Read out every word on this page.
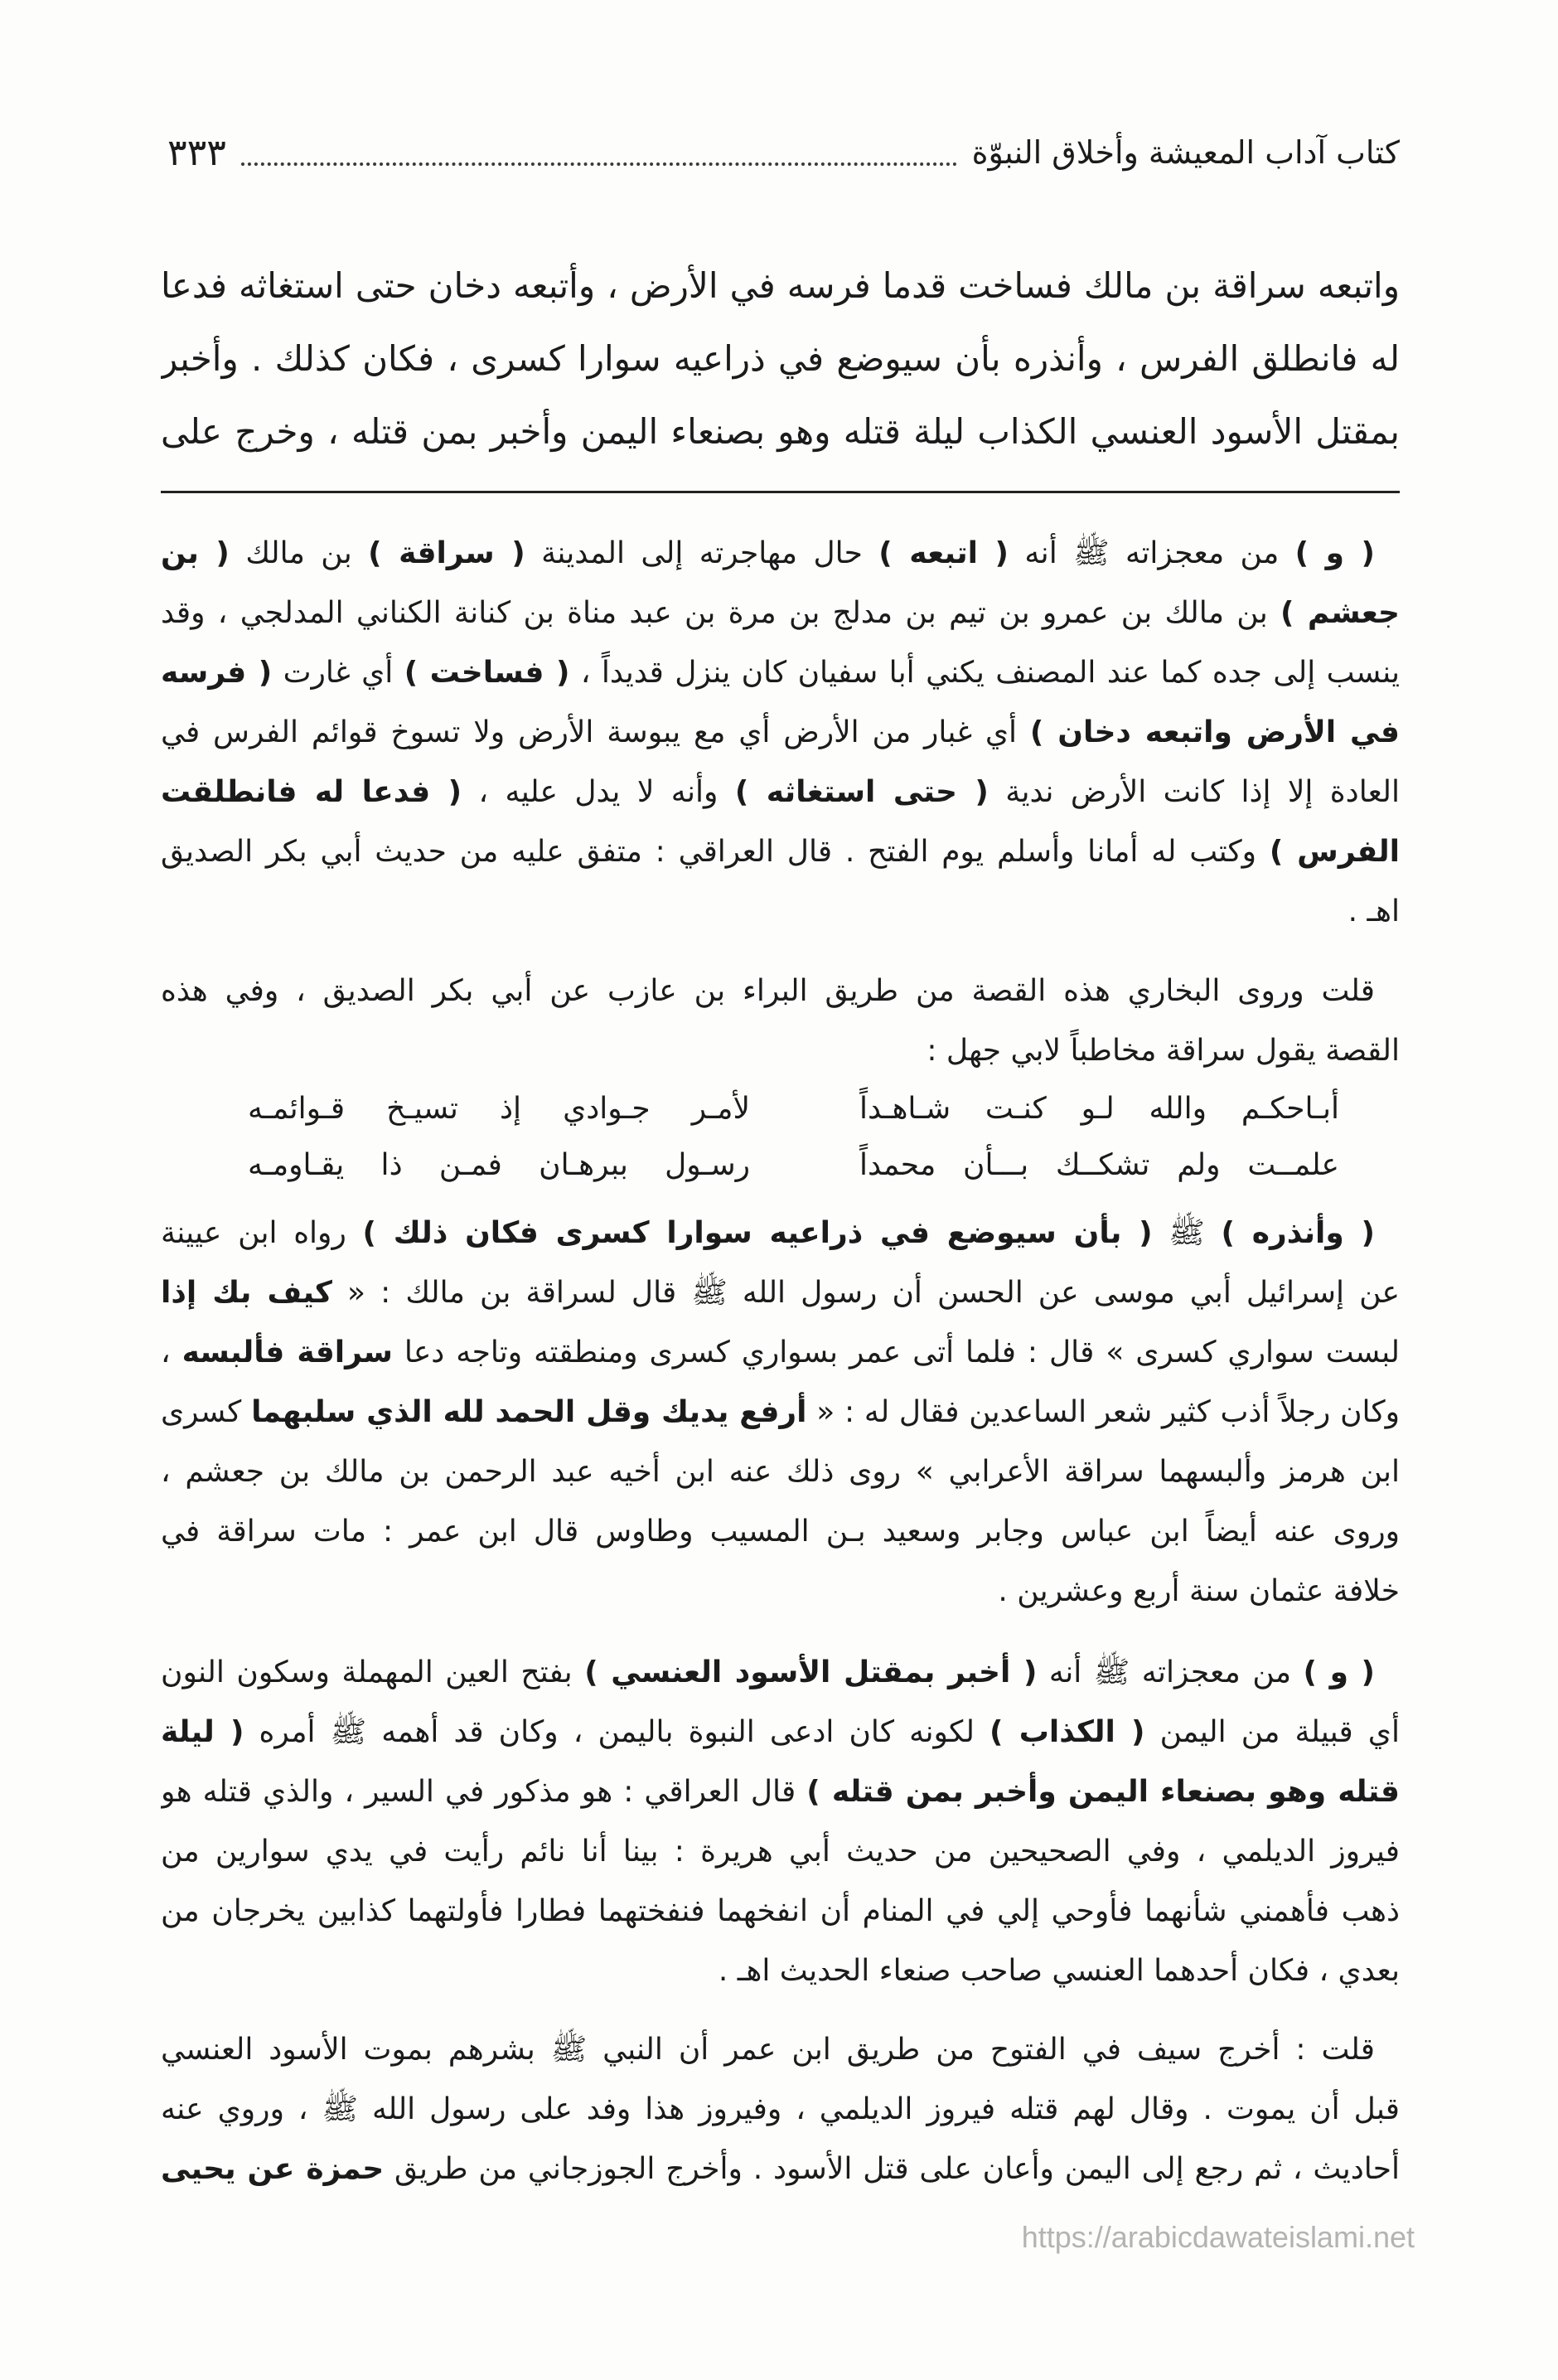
كتاب آداب المعيشة وأخلاق النبوّة
٣٣٣
واتبعه سراقة بن مالك فساخت قدما فرسه في الأرض ، وأتبعه دخان حتى استغاثه فدعا
له فانطلق الفرس ، وأنذره بأن سيوضع في ذراعيه سوارا كسرى ، فكان كذلك . وأخبر
بمقتل الأسود العنسي الكذاب ليلة قتله وهو بصنعاء اليمن وأخبر بمن قتله ، وخرج على
( و ) من معجزاته ﷺ أنه ( اتبعه ) حال مهاجرته إلى المدينة ( سراقة ) بن مالك ( بن
جعشم ) بن مالك بن عمرو بن تيم بن مدلج بن مرة بن عبد مناة بن كنانة الكناني المدلجي ، وقد
ينسب إلى جده كما عند المصنف يكني أبا سفيان كان ينزل قديداً ، ( فساخت ) أي غارت ( فرسه
في الأرض واتبعه دخان ) أي غبار من الأرض أي مع يبوسة الأرض ولا تسوخ قوائم الفرس في
العادة إلا إذا كانت الأرض ندية ( حتى استغاثه ) وأنه لا يدل عليه ، ( فدعا له فانطلقت
الفرس ) وكتب له أمانا وأسلم يوم الفتح . قال العراقي : متفق عليه من حديث أبي بكر الصديق
اهـ .
قلت وروى البخاري هذه القصة من طريق البراء بن عازب عن أبي بكر الصديق ، وفي هذه
القصة يقول سراقة مخاطباً لابي جهل :
أبـاحكـم والله لـو كنـت شـاهـداً
لأمـر جـوادي إذ تسيـخ قـوائمـه
علمــت ولم تشكــك بـــأن محمداً
رسـول ببرهـان فمـن ذا يقـاومـه
( وأنذره ) ﷺ ( بأن سيوضع في ذراعيه سوارا كسرى فكان ذلك ) رواه ابن عيينة
عن إسرائيل أبي موسى عن الحسن أن رسول الله ﷺ قال لسراقة بن مالك : « كيف بك إذا
لبست سواري كسرى » قال : فلما أتى عمر بسواري كسرى ومنطقته وتاجه دعا سراقة فألبسه ،
وكان رجلاً أذب كثير شعر الساعدين فقال له : « أرفع يديك وقل الحمد لله الذي سلبهما كسرى
ابن هرمز وألبسهما سراقة الأعرابي » روى ذلك عنه ابن أخيه عبد الرحمن بن مالك بن جعشم ،
وروى عنه أيضاً ابن عباس وجابر وسعيد بـن المسيب وطاوس قال ابن عمر : مات سراقة في
خلافة عثمان سنة أربع وعشرين .
( و ) من معجزاته ﷺ أنه ( أخبر بمقتل الأسود العنسي ) بفتح العين المهملة وسكون النون
أي قبيلة من اليمن ( الكذاب ) لكونه كان ادعى النبوة باليمن ، وكان قد أهمه ﷺ أمره ( ليلة
قتله وهو بصنعاء اليمن وأخبر بمن قتله ) قال العراقي : هو مذكور في السير ، والذي قتله هو
فيروز الديلمي ، وفي الصحيحين من حديث أبي هريرة : بينا أنا نائم رأيت في يدي سوارين من
ذهب فأهمني شأنهما فأوحي إلي في المنام أن انفخهما فنفختهما فطارا فأولتهما كذابين يخرجان من
بعدي ، فكان أحدهما العنسي صاحب صنعاء الحديث اهـ .
قلت : أخرج سيف في الفتوح من طريق ابن عمر أن النبي ﷺ بشرهم بموت الأسود العنسي
قبل أن يموت . وقال لهم قتله فيروز الديلمي ، وفيروز هذا وفد على رسول الله ﷺ ، وروي عنه
أحاديث ، ثم رجع إلى اليمن وأعان على قتل الأسود . وأخرج الجوزجاني من طريق حمزة عن يحيى
https://arabicdawateislami.net
